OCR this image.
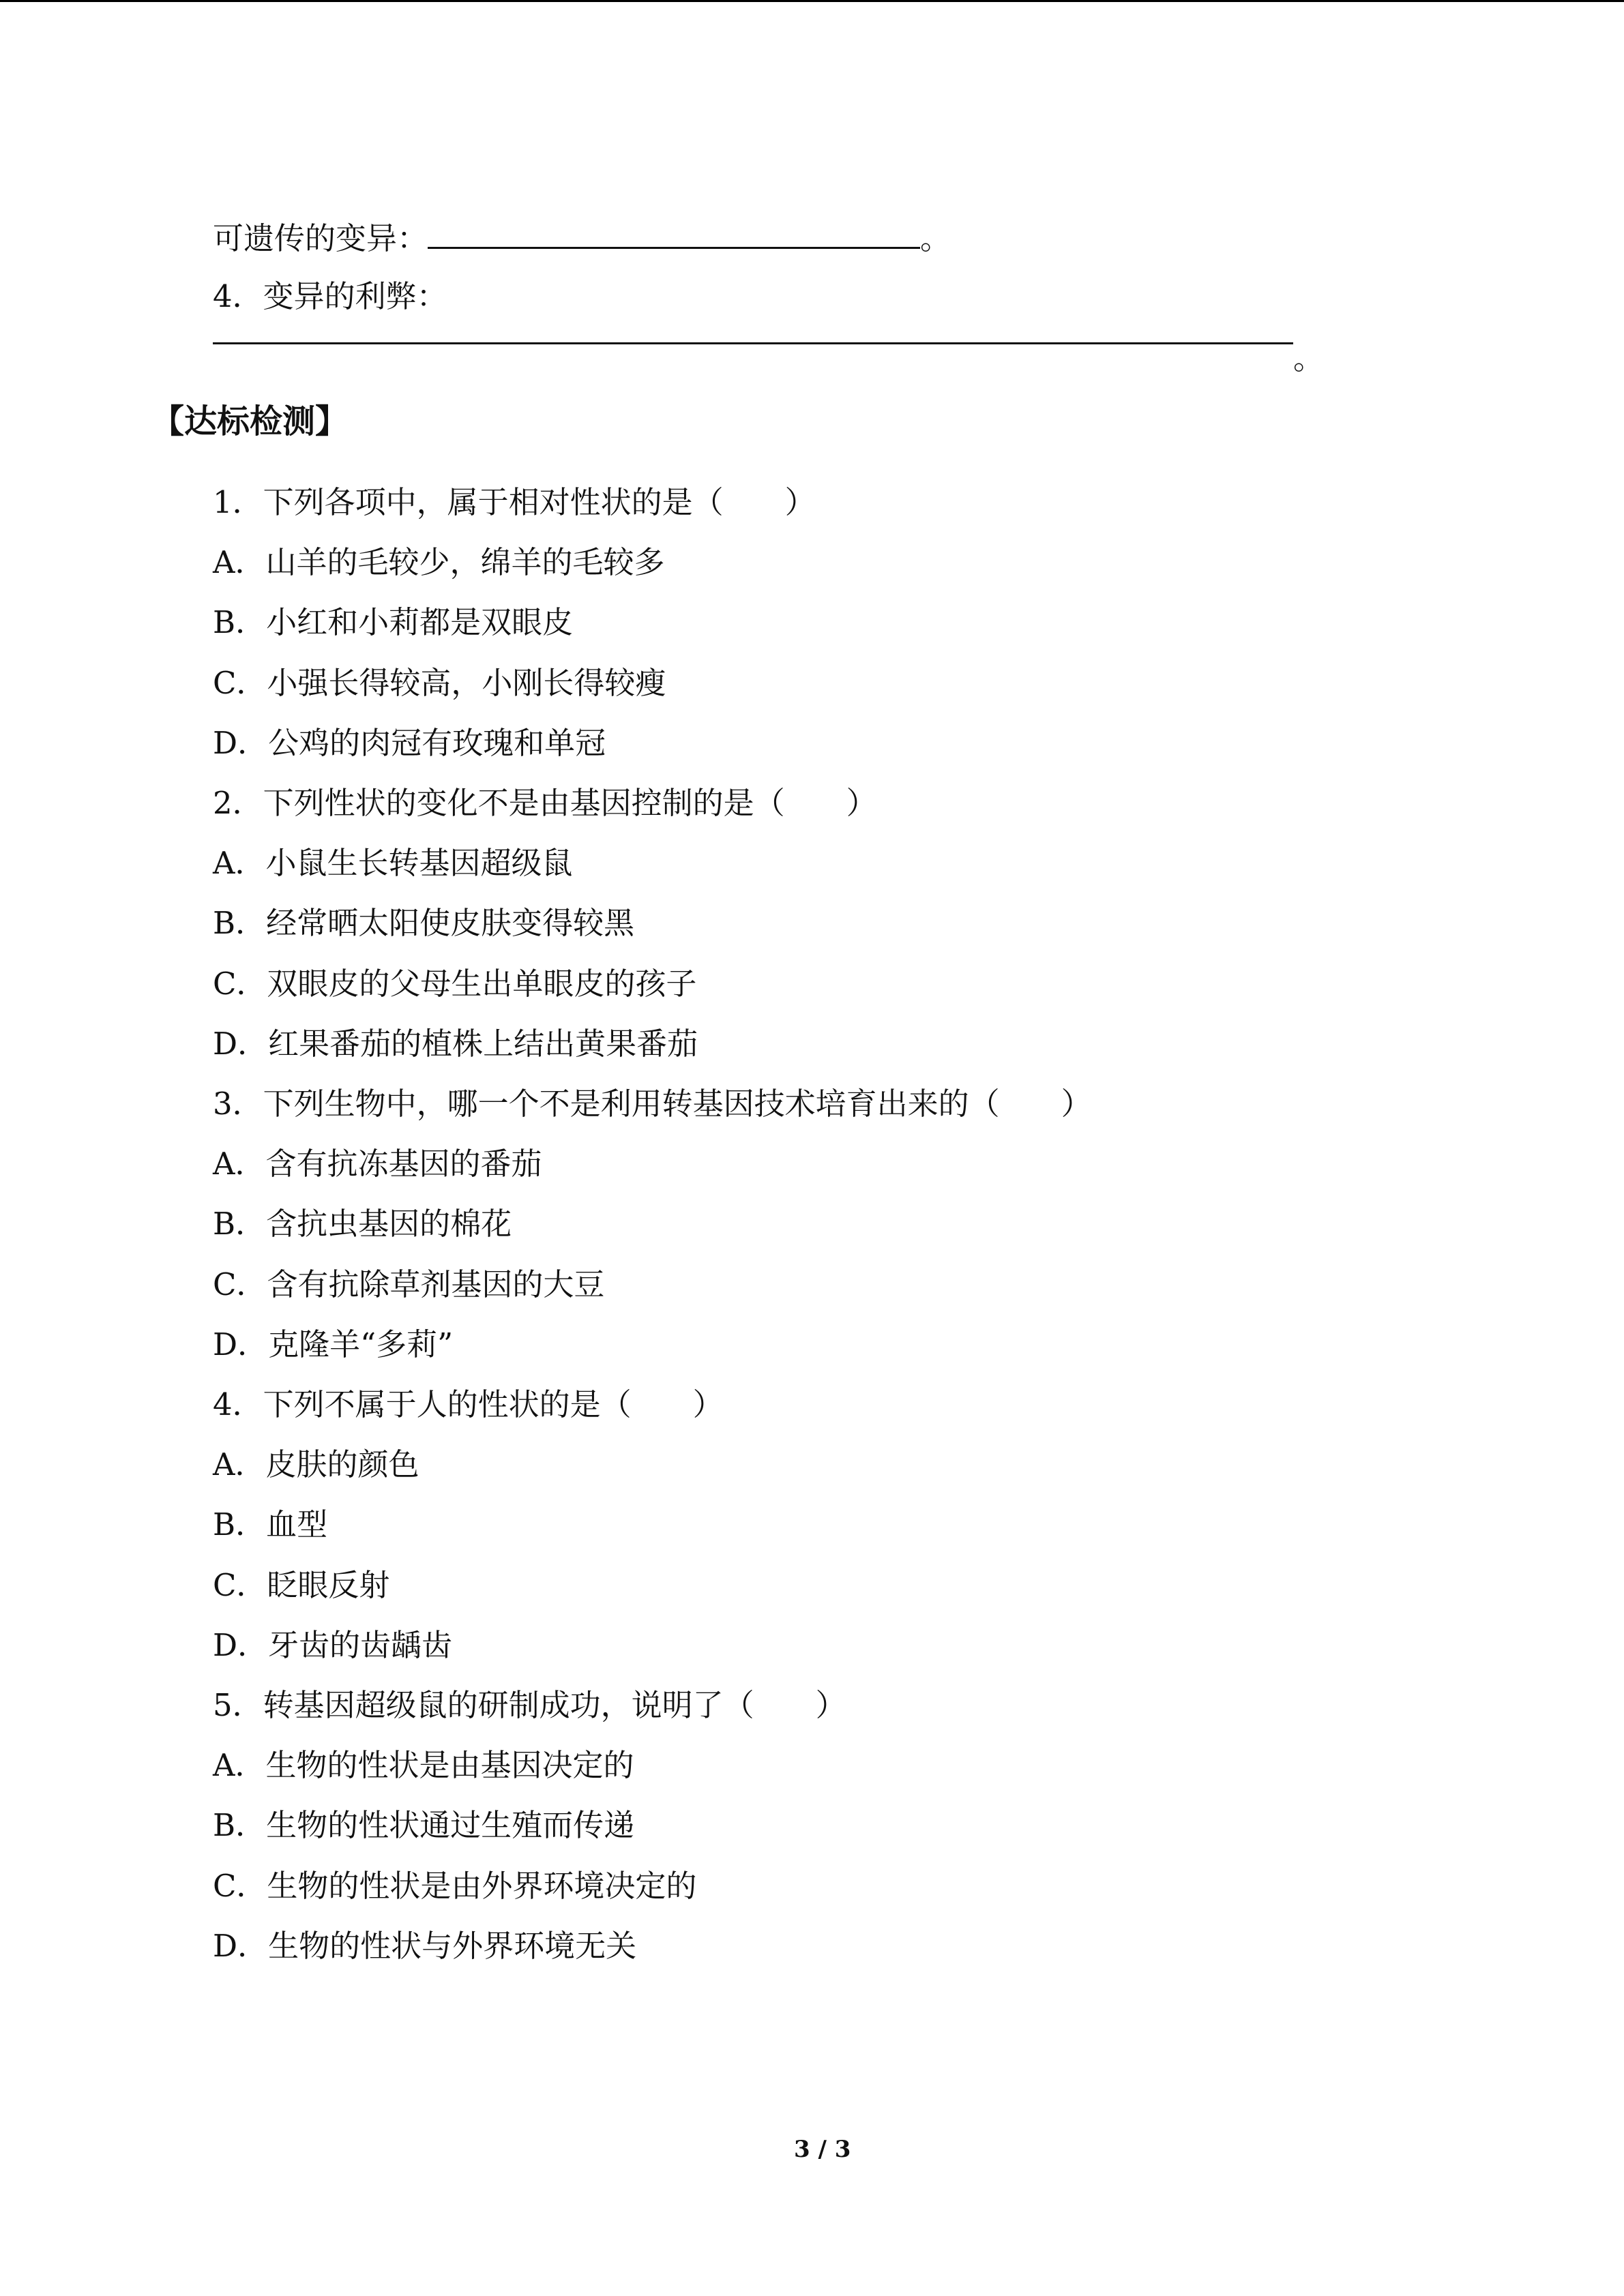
可遗传的变异：	。
4．变异的利弊：
。
【达标检测】
1．下列各项中，属于相对性状的是（　　）
A．山羊的毛较少，绵羊的毛较多
B．小红和小莉都是双眼皮
C．小强长得较高，小刚长得较瘦
D．公鸡的肉冠有玫瑰和单冠
2．下列性状的变化不是由基因控制的是（　　）
A．小鼠生长转基因超级鼠
B．经常晒太阳使皮肤变得较黑
C．双眼皮的父母生出单眼皮的孩子
D．红果番茄的植株上结出黄果番茄
3．下列生物中，哪一个不是利用转基因技术培育出来的（　　）
A．含有抗冻基因的番茄
B．含抗虫基因的棉花
C．含有抗除草剂基因的大豆
D．克隆羊“多莉”
4．下列不属于人的性状的是（　　）
A．皮肤的颜色
B．血型
C．眨眼反射
D．牙齿的齿龋齿
5．转基因超级鼠的研制成功，说明了（　　）
A．生物的性状是由基因决定的
B．生物的性状通过生殖而传递
C．生物的性状是由外界环境决定的
D．生物的性状与外界环境无关
3 / 3
